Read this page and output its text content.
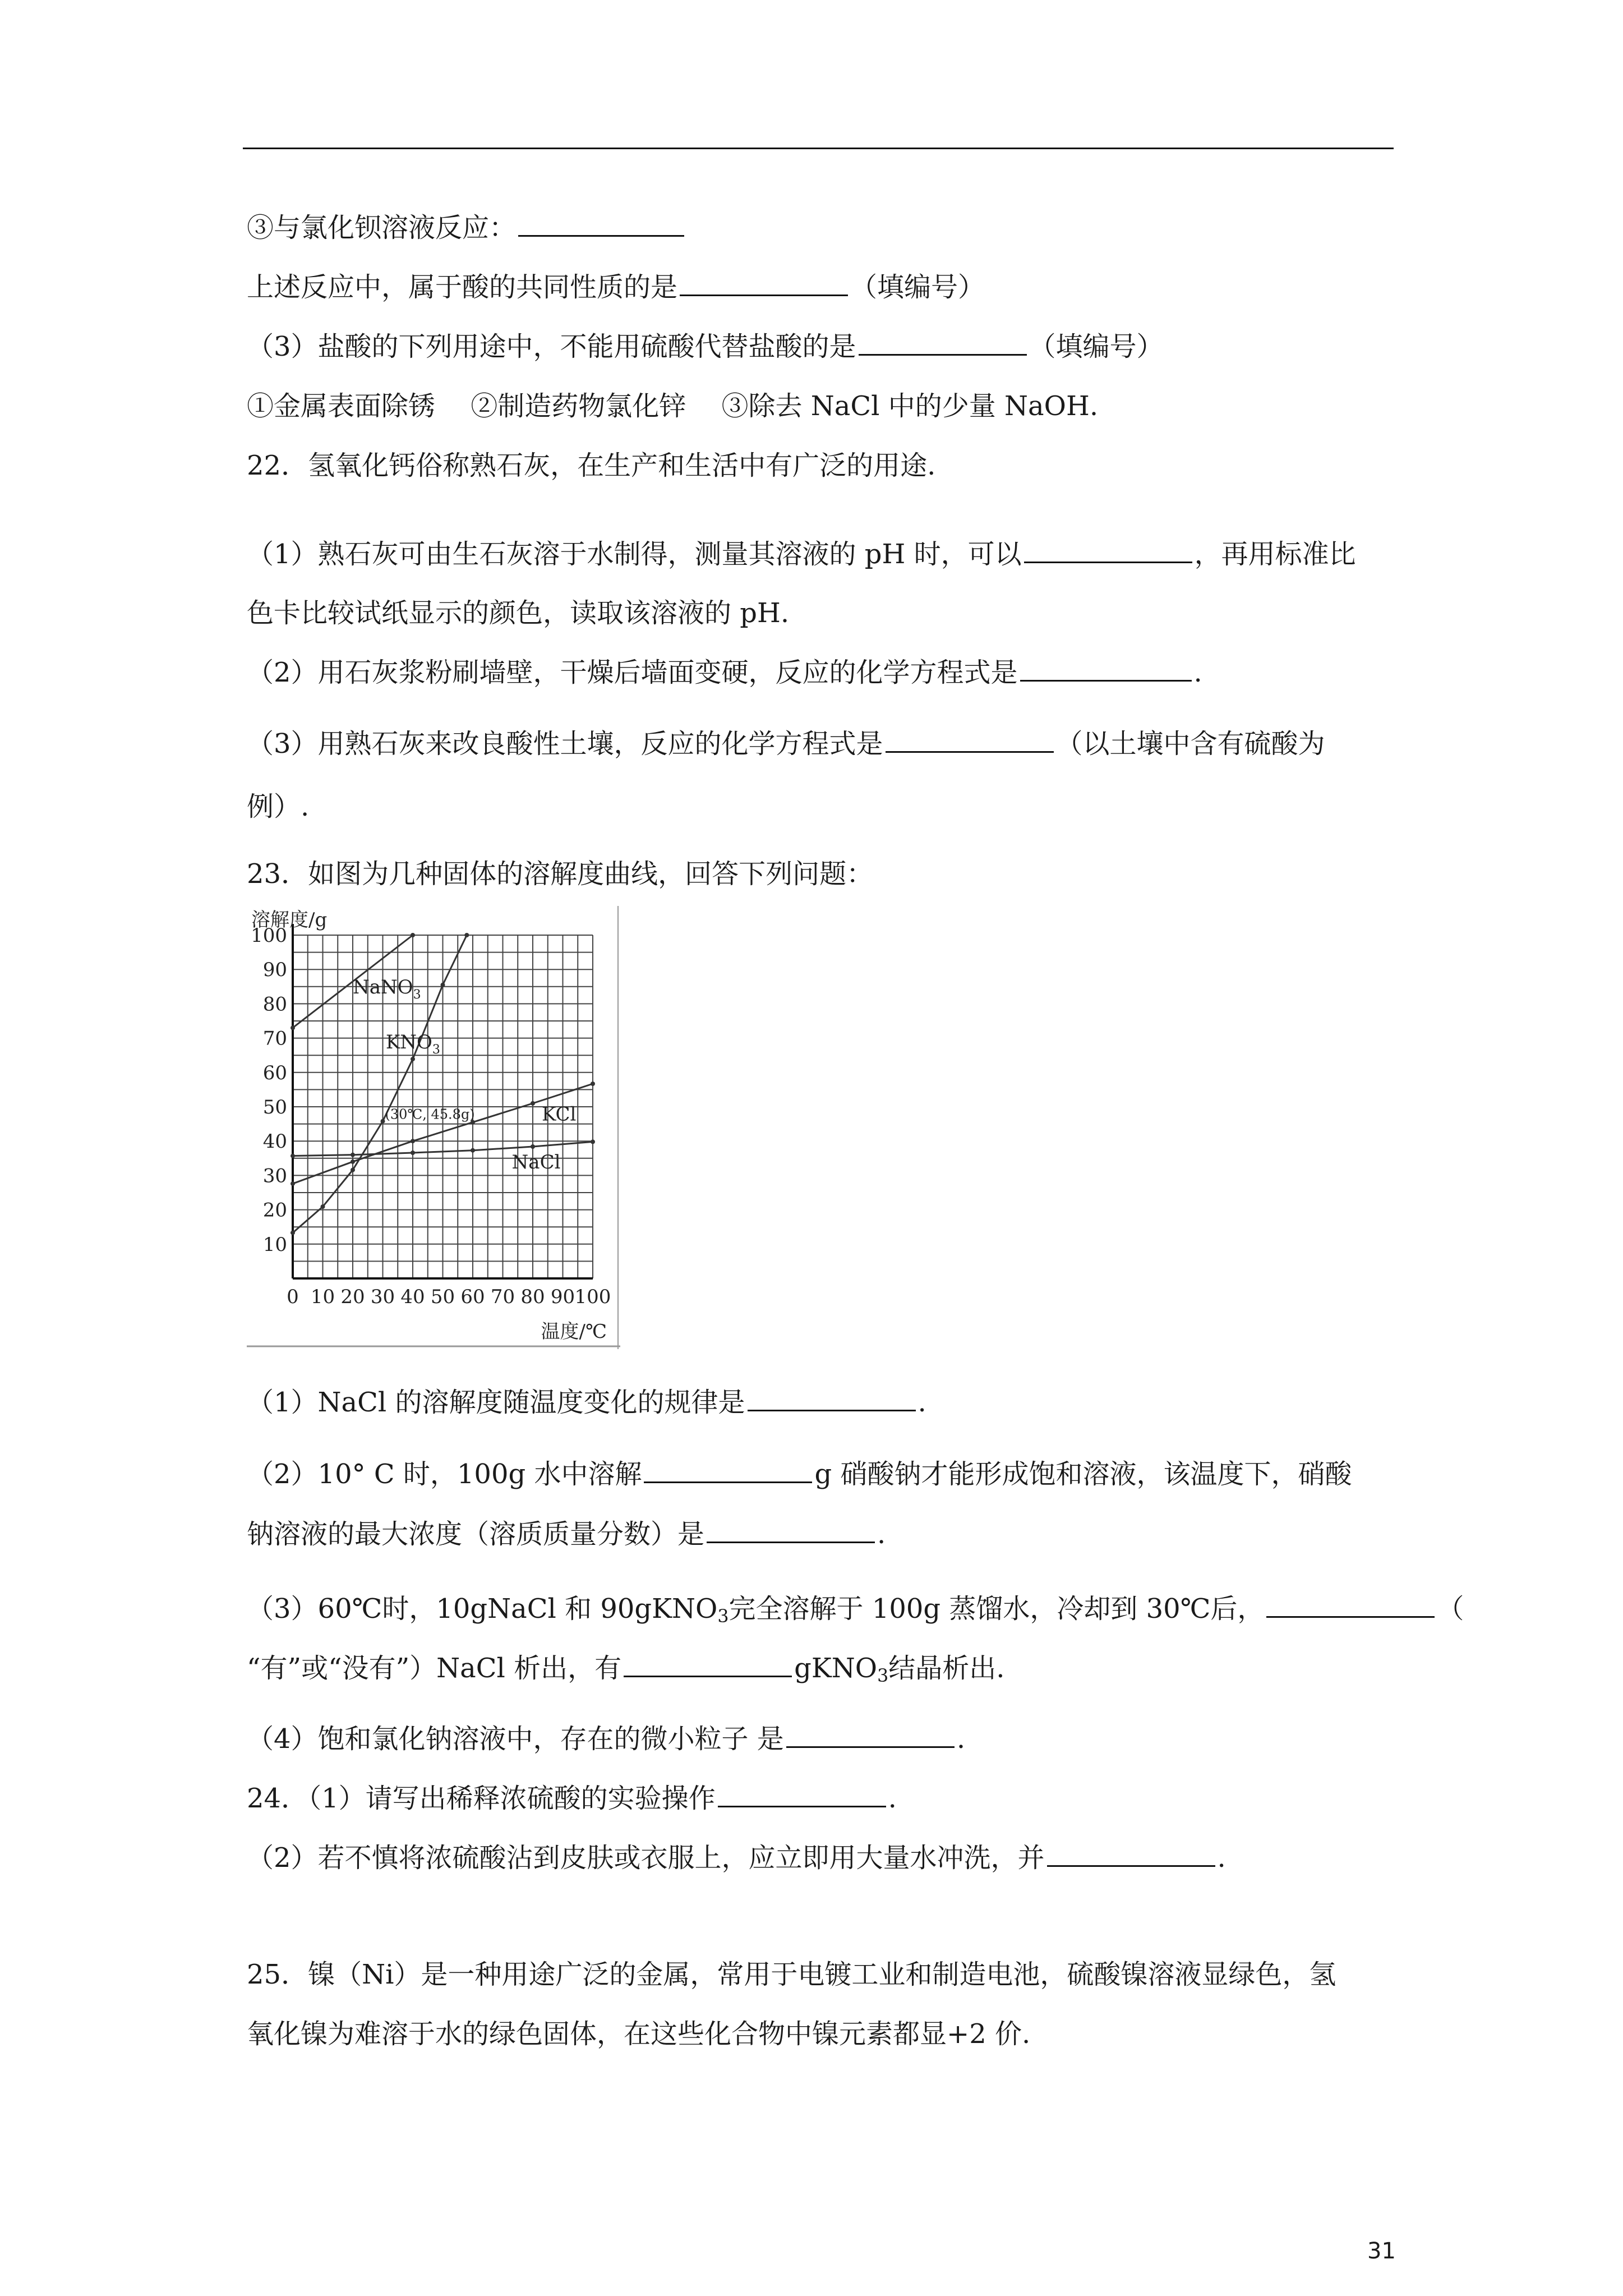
③与氯化钡溶液反应：
上述反应中，属于酸的共同性质的是	（填编号）
（3）盐酸的下列用途中，不能用硫酸代替盐酸的是	（填编号）
①金属表面除锈　 ②制造药物氯化锌　 ③除去 NaCl 中的少量 NaOH.
22．氢氧化钙俗称熟石灰，在生产和生活中有广泛的用途.
（1）熟石灰可由生石灰溶于水制得，测量其溶液的 pH 时，可以	，再用标准比
色卡比较试纸显示的颜色，读取该溶液的 pH.
（2）用石灰浆粉刷墙壁，干燥后墙面变硬，反应的化学方程式是	.
（3）用熟石灰来改良酸性土壤，反应的化学方程式是	（以土壤中含有硫酸为
例）.
23．如图为几种固体的溶解度曲线，回答下列问题：
0 10 20 30 40 50 60 70 80 90 100
10
20
30
40
50
60
70
80
90
100
溶解度/g
温度/℃
NaNO$_3$
$KNO_3$
KCl
NaCl
(30℃, 45.8g)
（1）NaCl 的溶解度随温度变化的规律是	.
（2）10° C 时，100g 水中溶解	g 硝酸钠才能形成饱和溶液，该温度下，硝酸
钠溶液的最大浓度（溶质质量分数）是	.
（3）60℃时，10gNaCl 和 90gKNO$_3$完全溶解于 100g 蒸馏水，冷却到 30℃后，	（
“有”或“没有”）NaCl 析出，有	gKNO$_3$结晶析出.
（4）饱和氯化钠溶液中，存在的微小粒子 是	.
24．（1）请写出稀释浓硫酸的实验操作	.
（2）若不慎将浓硫酸沾到皮肤或衣服上，应立即用大量水冲洗，并	.
25．镍（Ni）是一种用途广泛的金属，常用于电镀工业和制造电池，硫酸镍溶液显绿色，氢
氧化镍为难溶于水的绿色固体，在这些化合物中镍元素都显+2 价.
31
